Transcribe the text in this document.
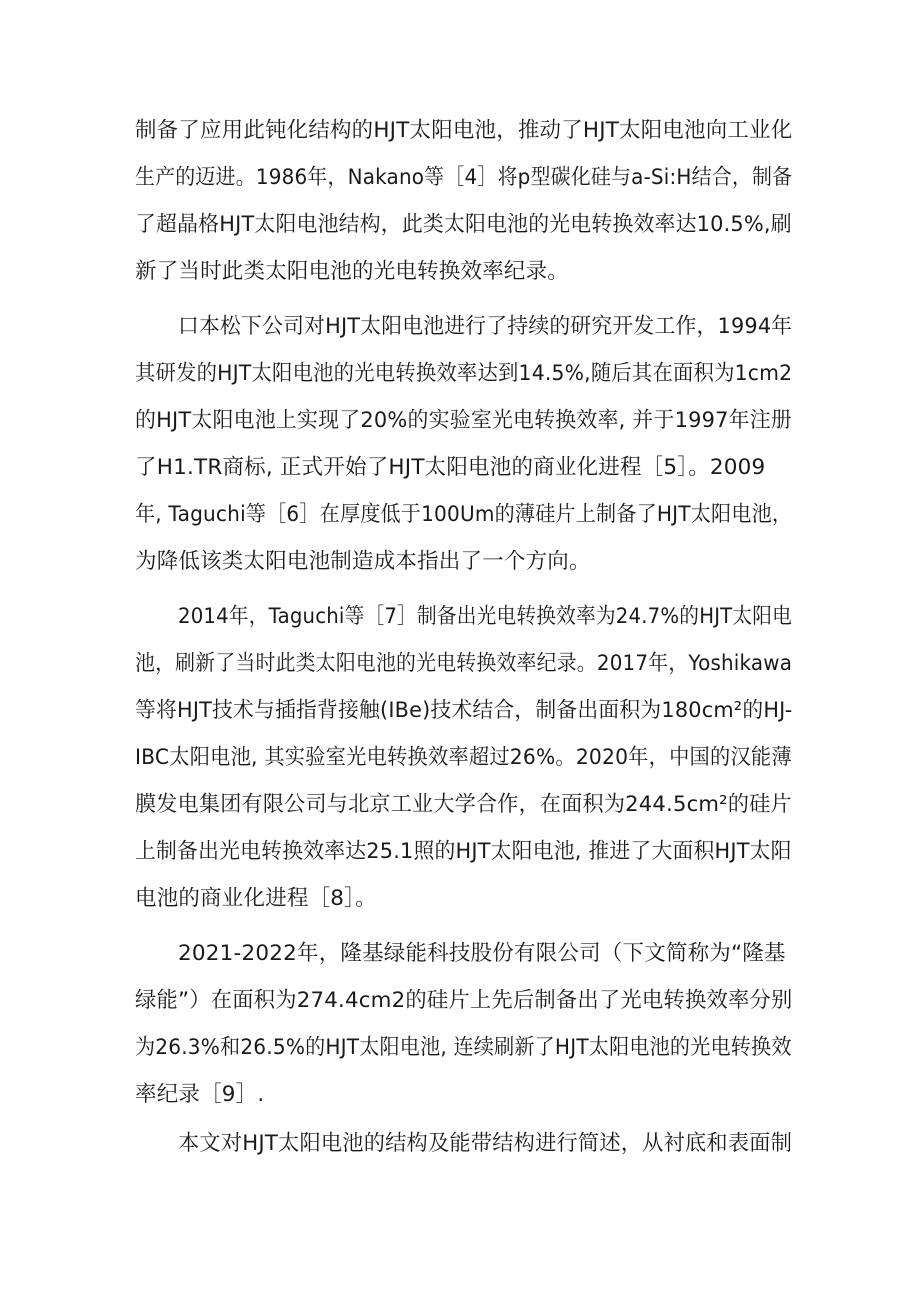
制备了应用此钝化结构的HJT太阳电池，推动了HJT太阳电池向工业化
生产的迈进。1986年，Nakano等［4］将p型碳化硅与a-Si:H结合，制备
了超晶格HJT太阳电池结构，此类太阳电池的光电转换效率达10.5%,刷
新了当时此类太阳电池的光电转换效率纪录。
口本松下公司对HJT太阳电池进行了持续的研究开发工作，1994年
其研发的HJT太阳电池的光电转换效率达到14.5%,随后其在面积为1cm2
的HJT太阳电池上实现了20%的实验室光电转换效率, 并于1997年注册
了H1.TR商标, 正式开始了HJT太阳电池的商业化进程［5］。2009
年, Taguchi等［6］在厚度低于100Um的薄硅片上制备了HJT太阳电池，
为降低该类太阳电池制造成本指出了一个方向。
2014年，Taguchi等［7］制备出光电转换效率为24.7%的HJT太阳电
池，刷新了当时此类太阳电池的光电转换效率纪录。2017年，Yoshikawa
等将HJT技术与插指背接触(IBe)技术结合，制备出面积为180cm²的HJ-
IBC太阳电池, 其实验室光电转换效率超过26%。2020年，中国的汉能薄
膜发电集团有限公司与北京工业大学合作，在面积为244.5cm²的硅片
上制备出光电转换效率达25.1照的HJT太阳电池, 推进了大面积HJT太阳
电池的商业化进程［8］。
2021-2022年，隆基绿能科技股份有限公司（下文简称为“隆基
绿能”）在面积为274.4cm2的硅片上先后制备出了光电转换效率分别
为26.3%和26.5%的HJT太阳电池, 连续刷新了HJT太阳电池的光电转换效
率纪录［9］.
本文对HJT太阳电池的结构及能带结构进行简述，从衬底和表面制
